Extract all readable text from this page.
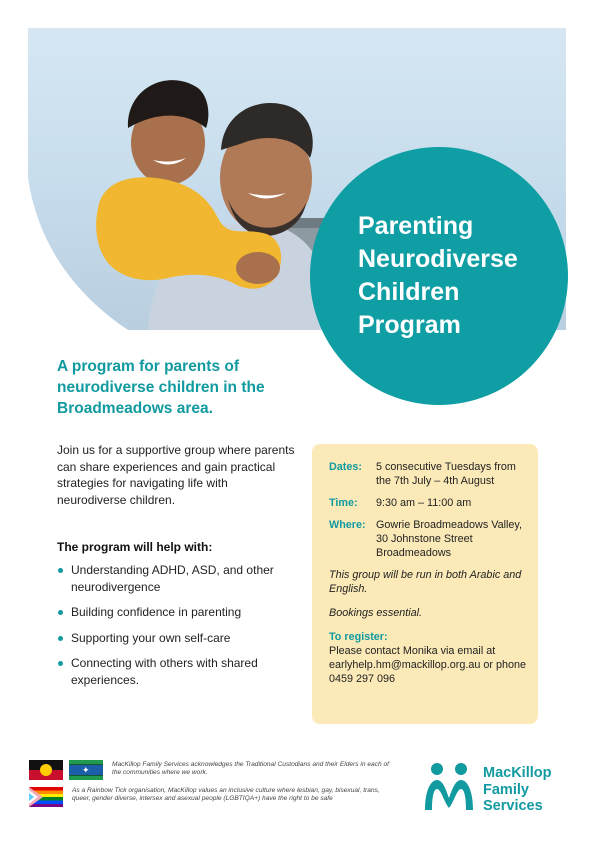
Parenting
Neurodiverse
Children
Program
A program for parents of neurodiverse children in the Broadmeadows area.
Join us for a supportive group where parents can share experiences and gain practical strategies for navigating life with neurodiverse children.
The program will help with:
Understanding ADHD, ASD, and other neurodivergence
Building confidence in parenting
Supporting your own self-care
Connecting with others with shared experiences.
Dates:	5 consecutive Tuesdays from the 7th July – 4th August
Time:	9:30 am – 11:00 am
Where: Gowrie Broadmeadows Valley, 30 Johnstone Street Broadmeadows
This group will be run in both Arabic and English.
Bookings essential.
To register:
Please contact Monika via email at earlyhelp.hm@mackillop.org.au or phone 0459 297 096
✦
MacKillop Family Services acknowledges the Traditional Custodians and their Elders in each of the communities where we work.
As a Rainbow Tick organisation, MacKillop values an inclusive culture where lesbian, gay, bisexual, trans, queer, gender diverse, intersex and asexual people (LGBTIQA+) have the right to be safe
MacKillop
Family
Services
